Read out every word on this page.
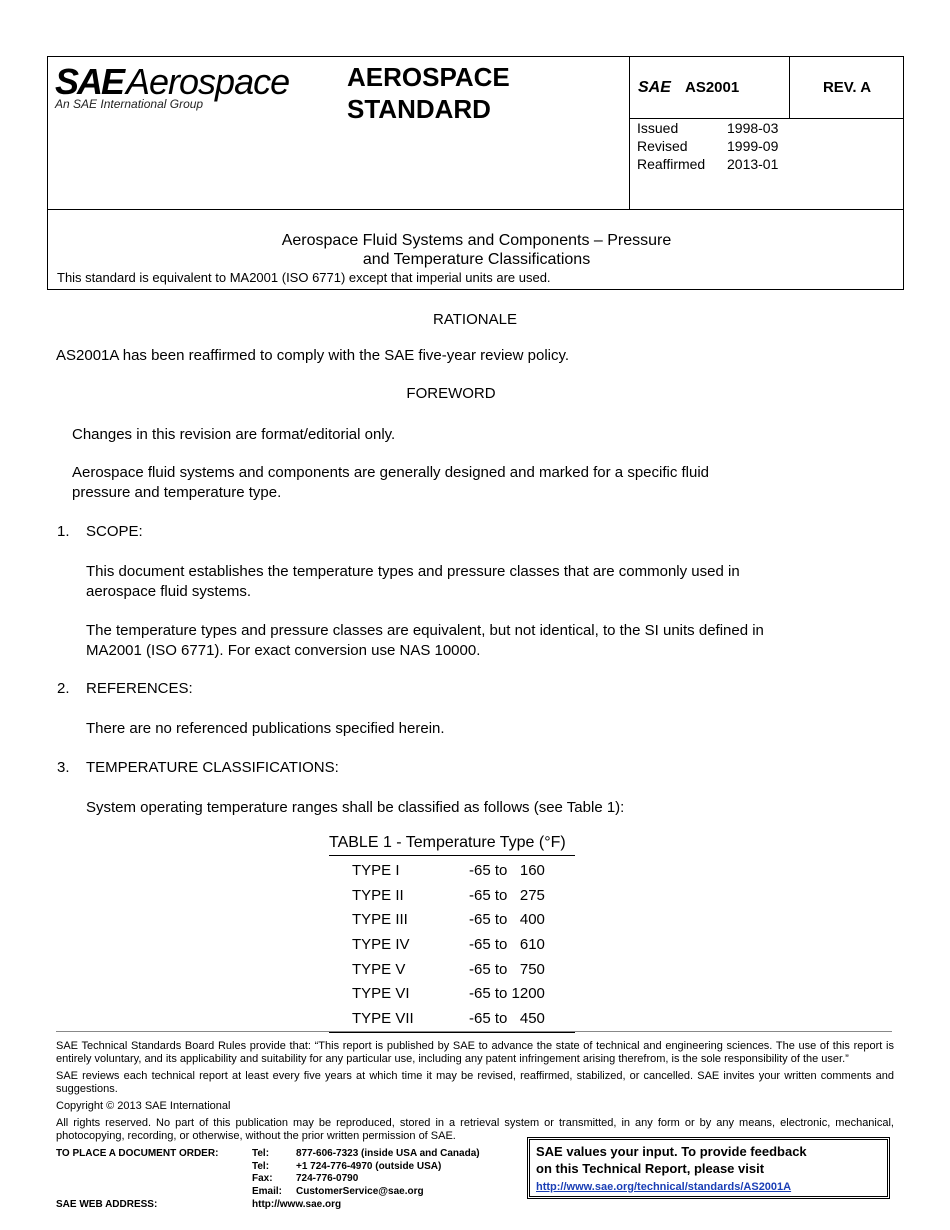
SAE Aerospace
An SAE International Group
AEROSPACE
STANDARD
SAE AS2001	REV. A
Issued	1998-03
Revised	1999-09
Reaffirmed 2013-01
Aerospace Fluid Systems and Components – Pressure
and Temperature Classifications
This standard is equivalent to MA2001 (ISO 6771) except that imperial units are used.
RATIONALE
AS2001A has been reaffirmed to comply with the SAE five-year review policy.
FOREWORD
Changes in this revision are format/editorial only.
Aerospace fluid systems and components are generally designed and marked for a specific fluid
pressure and temperature type.
1. SCOPE:
This document establishes the temperature types and pressure classes that are commonly used in
aerospace fluid systems.
The temperature types and pressure classes are equivalent, but not identical, to the SI units defined in
MA2001 (ISO 6771). For exact conversion use NAS 10000.
2. REFERENCES:
There are no referenced publications specified herein.
3. TEMPERATURE CLASSIFICATIONS:
System operating temperature ranges shall be classified as follows (see Table 1):
TABLE 1 - Temperature Type (°F)
TYPE I	-65 to   160
TYPE II	-65 to   275
TYPE III	-65 to   400
TYPE IV	-65 to   610
TYPE V	-65 to   750
TYPE VI	-65 to 1200
TYPE VII	-65 to   450
SAE Technical Standards Board Rules provide that: “This report is published by SAE to advance the state of technical and engineering sciences. The use of this report is entirely voluntary, and its applicability and suitability for any particular use, including any patent infringement arising therefrom, is the sole responsibility of the user.”
SAE reviews each technical report at least every five years at which time it may be revised, reaffirmed, stabilized, or cancelled. SAE invites your written comments and suggestions.
Copyright © 2013 SAE International
All rights reserved. No part of this publication may be reproduced, stored in a retrieval system or transmitted, in any form or by any means, electronic, mechanical, photocopying, recording, or otherwise, without the prior written permission of SAE.
TO PLACE A DOCUMENT ORDER:	Tel:	877-606-7323 (inside USA and Canada)
Tel:	+1 724-776-4970 (outside USA)
Fax: 724-776-0790
Email: CustomerService@sae.org
SAE WEB ADDRESS:	http://www.sae.org
SAE values your input. To provide feedback
on this Technical Report, please visit
http://www.sae.org/technical/standards/AS2001A
